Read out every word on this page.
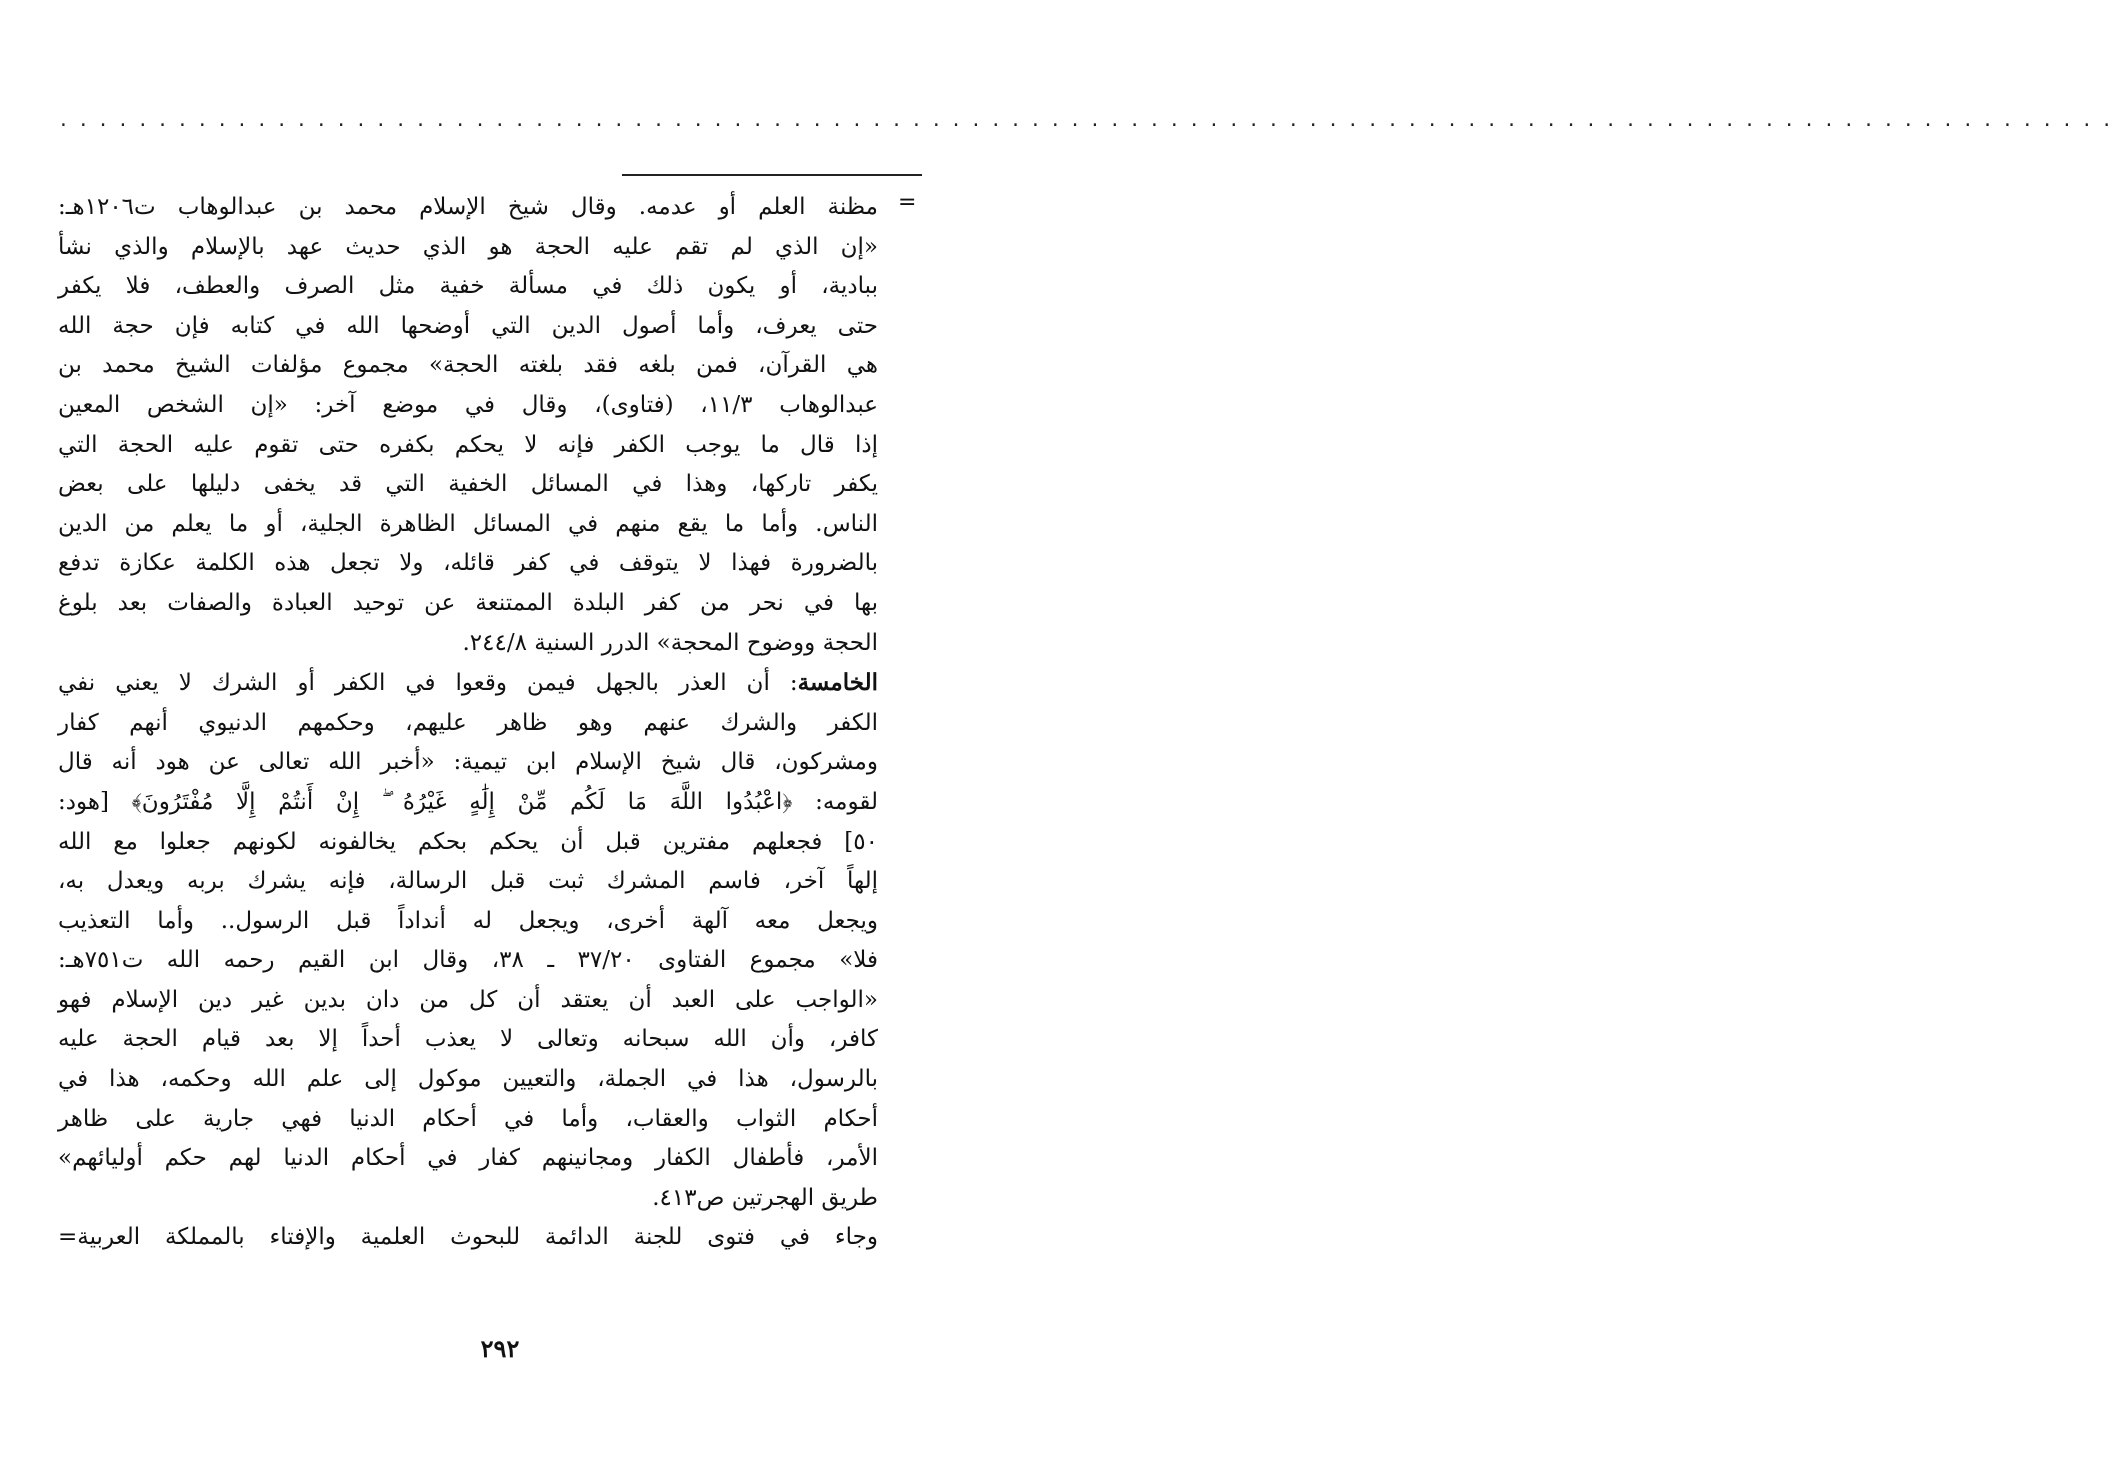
........................................................................................................
=

مظنة العلم أو عدمه. وقال شيخ الإسلام محمد بن عبدالوهاب ت١٢٠٦هـ:

«إن الذي لم تقم عليه الحجة هو الذي حديث عهد بالإسلام والذي نشأ

ببادية، أو يكون ذلك في مسألة خفية مثل الصرف والعطف، فلا يكفر

حتى يعرف، وأما أصول الدين التي أوضحها الله في كتابه فإن حجة الله

هي القرآن، فمن بلغه فقد بلغته الحجة» مجموع مؤلفات الشيخ محمد بن

عبدالوهاب ١١/٣، (فتاوى)، وقال في موضع آخر: «إن الشخص المعين

إذا قال ما يوجب الكفر فإنه لا يحكم بكفره حتى تقوم عليه الحجة التي

يكفر تاركها، وهذا في المسائل الخفية التي قد يخفى دليلها على بعض

الناس. وأما ما يقع منهم في المسائل الظاهرة الجلية، أو ما يعلم من الدين

بالضرورة فهذا لا يتوقف في كفر قائله، ولا تجعل هذه الكلمة عكازة تدفع

بها في نحر من كفر البلدة الممتنعة عن توحيد العبادة والصفات بعد بلوغ

الحجة ووضوح المحجة» الدرر السنية ٢٤٤/٨.

الخامسة: أن العذر بالجهل فيمن وقعوا في الكفر أو الشرك لا يعني نفي

الكفر والشرك عنهم وهو ظاهر عليهم، وحكمهم الدنيوي أنهم كفار

ومشركون، قال شيخ الإسلام ابن تيمية: «أخبر الله تعالى عن هود أنه قال

لقومه: ﴿اعْبُدُوا اللَّهَ مَا لَكُم مِّنْ إِلَٰهٍ غَيْرُهُ ۖ إِنْ أَنتُمْ إِلَّا مُفْتَرُونَ﴾ [هود:

٥٠] فجعلهم مفترين قبل أن يحكم بحكم يخالفونه لكونهم جعلوا مع الله

إلهاً آخر، فاسم المشرك ثبت قبل الرسالة، فإنه يشرك بربه ويعدل به،

ويجعل معه آلهة أخرى، ويجعل له أنداداً قبل الرسول.. وأما التعذيب

فلا» مجموع الفتاوى ٣٧/٢٠ ـ ٣٨، وقال ابن القيم رحمه الله ت٧٥١هـ:

«الواجب على العبد أن يعتقد أن كل من دان بدين غير دين الإسلام فهو

كافر، وأن الله سبحانه وتعالى لا يعذب أحداً إلا بعد قيام الحجة عليه

بالرسول، هذا في الجملة، والتعيين موكول إلى علم الله وحكمه، هذا في

أحكام الثواب والعقاب، وأما في أحكام الدنيا فهي جارية على ظاهر

الأمر، فأطفال الكفار ومجانينهم كفار في أحكام الدنيا لهم حكم أوليائهم»

طريق الهجرتين ص٤١٣.

وجاء في فتوى للجنة الدائمة للبحوث العلمية والإفتاء بالمملكة العربية=

٢٩٢
